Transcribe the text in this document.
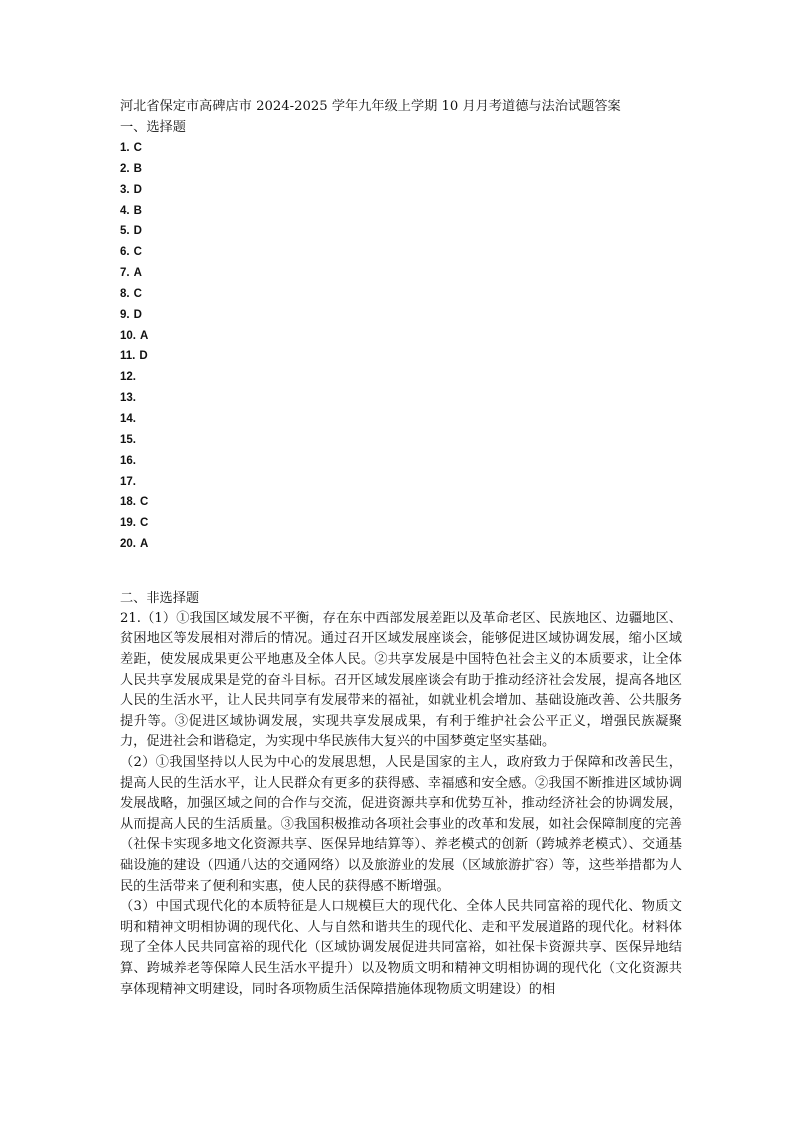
河北省保定市高碑店市 2024-2025 学年九年级上学期 10 月月考道德与法治试题答案

一、选择题

1. C
2. B
3. D
4. B
5. D
6. C
7. A
8. C
9. D
10. A
11. D
12.
13.
14.
15.
16.
17.
18. C
19. C
20. A

二、非选择题

21.（1）①我国区域发展不平衡，存在东中西部发展差距以及革命老区、民族地区、边疆地区、贫困地区等发展相对滞后的情况。通过召开区域发展座谈会，能够促进区域协调发展，缩小区域差距，使发展成果更公平地惠及全体人民。②共享发展是中国特色社会主义的本质要求，让全体人民共享发展成果是党的奋斗目标。召开区域发展座谈会有助于推动经济社会发展，提高各地区人民的生活水平，让人民共同享有发展带来的福祉，如就业机会增加、基础设施改善、公共服务提升等。③促进区域协调发展，实现共享发展成果，有利于维护社会公平正义，增强民族凝聚力，促进社会和谐稳定，为实现中华民族伟大复兴的中国梦奠定坚实基础。

（2）①我国坚持以人民为中心的发展思想，人民是国家的主人，政府致力于保障和改善民生，提高人民的生活水平，让人民群众有更多的获得感、幸福感和安全感。②我国不断推进区域协调发展战略，加强区域之间的合作与交流，促进资源共享和优势互补，推动经济社会的协调发展，从而提高人民的生活质量。③我国积极推动各项社会事业的改革和发展，如社会保障制度的完善（社保卡实现多地文化资源共享、医保异地结算等）、养老模式的创新（跨城养老模式）、交通基础设施的建设（四通八达的交通网络）以及旅游业的发展（区域旅游扩容）等，这些举措都为人民的生活带来了便利和实惠，使人民的获得感不断增强。

（3）中国式现代化的本质特征是人口规模巨大的现代化、全体人民共同富裕的现代化、物质文明和精神文明相协调的现代化、人与自然和谐共生的现代化、走和平发展道路的现代化。材料体现了全体人民共同富裕的现代化（区域协调发展促进共同富裕，如社保卡资源共享、医保异地结算、跨城养老等保障人民生活水平提升）以及物质文明和精神文明相协调的现代化（文化资源共享体现精神文明建设，同时各项物质生活保障措施体现物质文明建设）的相
